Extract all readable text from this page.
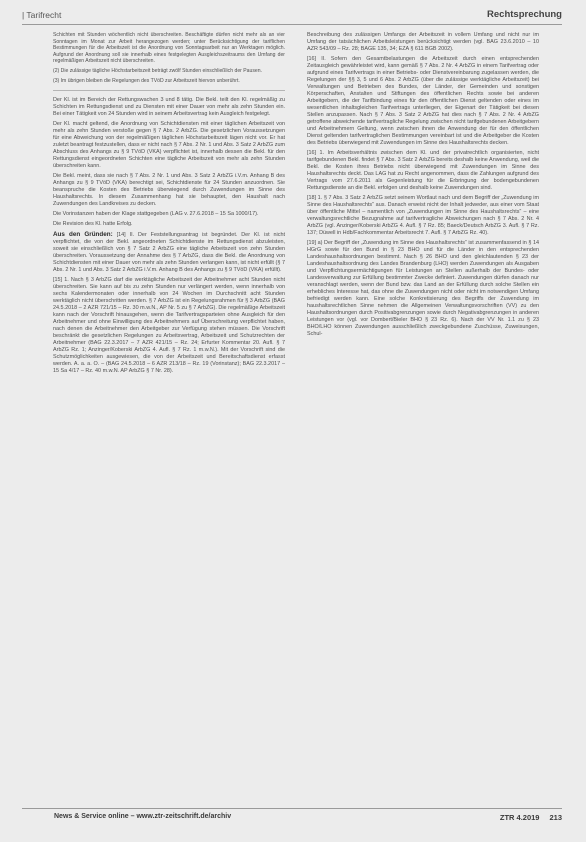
| Tarifrecht	Rechtsprechung

Schichten mit Stunden wöchentlich nicht überschreiten. Beschäftigte dürfen nicht mehr als an vier Sonntagen im Monat zur Arbeit herangezogen werden; unter Berücksichtigung der tariflichen Bestimmungen für die Arbeitszeit ist die Anordnung von Sonntagsarbeit nur an Werktagen möglich. Aufgrund der Anordnung soll sie innerhalb eines festgelegten Ausgleichszeitraums den Umfang der regelmäßigen Arbeitszeit nicht überschreiten.

(2) Die zulässige tägliche Höchstarbeitszeit beträgt zwölf Stunden einschließlich der Pausen.

(3) Im übrigen bleiben die Regelungen des TVöD zur Arbeitszeit hiervon unberührt.

Der Kl. ist im Bereich der Rettungswachen 3 und 8 tätig. Die Bekl. teilt den Kl. regelmäßig zu Schichten im Rettungsdienst und zu Diensten mit einer Dauer von mehr als zehn Stunden ein. Bei einer Tätigkeit von 24 Stunden wird in seinem Arbeitsvertrag kein Ausgleich festgelegt.

Der Kl. macht geltend, die Anordnung von Schichtdiensten mit einer täglichen Arbeitszeit von mehr als zehn Stunden verstoße gegen § 7 Abs. 2 ArbZG. Die gesetzlichen Voraussetzungen für eine Abweichung von der regelmäßigen täglichen Höchstarbeitszeit lägen nicht vor. Er hat zuletzt beantragt festzustellen, dass er nicht nach § 7 Abs. 2 Nr. 1 und Abs. 3 Satz 2 ArbZG zum Abschluss des Anhangs zu § 9 TVöD (VKA) verpflichtet ist, innerhalb dessen die Bekl. für den Rettungsdienst eingeordneten Schichten eine tägliche Arbeitszeit von mehr als zehn Stunden überschreiten kann.

Die Bekl. meint, dass sie nach § 7 Abs. 2 Nr. 1 und Abs. 3 Satz 2 ArbZG i.V.m. Anhang B des Anhangs zu § 9 TVöD (VKA) berechtigt sei, Schichtdienste für 24 Stunden anzuordnen. Sie beanspruche die Kosten des Betriebs überwiegend durch Zuwendungen im Sinne des Haushaltsrechts. In diesem Zusammenhang hat sie behauptet, den Haushalt nach Zuwendungen des Landkreises zu decken.

Die Vorinstanzen haben der Klage stattgegeben (LAG v. 27.6.2018 – 15 Sa 1000/17).

Die Revision des Kl. hatte Erfolg.

Aus den Gründen: [14] II. Der Feststellungsantrag ist begründet. Der Kl. ist nicht verpflichtet, die von der Bekl. angeordneten Schichtdienste im Rettungsdienst abzuleisten, soweit sie einschließlich von § 7 Satz 2 ArbZG eine tägliche Arbeitszeit von zehn Stunden überschreiten. Voraussetzung der Annahme des § 7 ArbZG, dass die Bekl. die Anordnung von Schichtdiensten mit einer Dauer von mehr als zehn Stunden verlangen kann, ist nicht erfüllt (§ 7 Abs. 2 Nr. 1 und Abs. 3 Satz 2 ArbZG i.V.m. Anhang B des Anhangs zu § 9 TVöD (VKA) erfüllt).

[15] 1. Nach § 3 ArbZG darf die werktägliche Arbeitszeit der Arbeitnehmer acht Stunden nicht überschreiten. Sie kann auf bis zu zehn Stunden nur verlängert werden, wenn innerhalb von sechs Kalendermonaten oder innerhalb von 24 Wochen im Durchschnitt acht Stunden werktäglich nicht überschritten werden. § 7 ArbZG ist ein Regelungsrahmen für § 3 ArbZG (BAG 24.5.2018 – 2 AZR 721/15 – Rz. 30 m.w.N., AP Nr. 5 zu § 7 ArbZG). Die regelmäßige Arbeitszeit kann nach der Vorschrift hinausgehen, wenn die Tarifvertragsparteien ohne Ausgleich für den Arbeitnehmer und ohne Einwilligung des Arbeitnehmers auf Überschreitung verpflichtet haben, nach denen die Arbeitnehmer den Arbeitgeber zur Verfügung stehen müssen. Die Vorschrift beschränkt die gesetzlichen Regelungen zu Arbeitsvertrag, Arbeitszeit und Schutzrechten der Arbeitnehmer (BAG 22.3.2017 – 7 AZR 421/15 – Rz. 24; Erfurter Kommentar 20. Aufl. § 7 ArbZG Rz. 1; Anzinger/Koberski ArbZG 4. Aufl. § 7 Rz. 1 m.w.N.). Mit der Vorschrift sind die Schutzmöglichkeiten ausgewiesen, die von der Arbeitszeit und Bereitschaftsdienst erfasst werden. A. a. a. O. – (BAG 24.5.2018 – 6 AZR 213/18 – Rz. 19 (Vorinstanz); BAG 22.3.2017 – 15 Sa 4/17 – Rz. 40 m.w.N. AP ArbZG § 7 Nr. 28).

Beschreibung des zulässigen Umfangs der Arbeitszeit in vollem Umfang und nicht nur im Umfang der tatsächlichen Arbeitsleistungen berücksichtigt werden (vgl. BAG 23.6.2010 – 10 AZR 543/09 – Rz. 28; BAGE 135, 34; EZA § 611 BGB 2002).

[16] II. Sofern den Gesamtbelastungen die Arbeitszeit durch einen entsprechenden Zeitausgleich gewährleistet wird, kann gemäß § 7 Abs. 2 Nr. 4 ArbZG in einem Tarifvertrag oder aufgrund eines Tarifvertrags in einer Betriebs- oder Dienstvereinbarung zugelassen werden, die Regelungen der §§ 3, 5 und 6 Abs. 2 ArbZG (über die zulässige werktägliche Arbeitszeit) bei Verwaltungen und Betrieben des Bundes, der Länder, der Gemeinden und sonstigen Körperschaften, Anstalten und Stiftungen des öffentlichen Rechts sowie bei anderen Arbeitgebern, die der Tarifbindung eines für den öffentlichen Dienst geltenden oder eines im wesentlichen inhaltsgleichen Tarifvertrags unterliegen, der Eigenart der Tätigkeit bei diesen Stellen anzupassen. Nach § 7 Abs. 3 Satz 2 ArbZG hat dies nach § 7 Abs. 2 Nr. 4 ArbZG getroffene abweichende tarifvertragliche Regelung zwischen nicht tarifgebundenen Arbeitgebern und Arbeitnehmern Geltung, wenn zwischen ihnen die Anwendung der für den öffentlichen Dienst geltenden tarifvertraglichen Bestimmungen vereinbart ist und die Arbeitgeber die Kosten des Betriebs überwiegend mit Zuwendungen im Sinne des Haushaltsrechts decken.

[16] 1. Im Arbeitsverhältnis zwischen dem Kl. und der privatrechtlich organisierten, nicht tarifgebundenen Bekl. findet § 7 Abs. 3 Satz 2 ArbZG bereits deshalb keine Anwendung, weil die Bekl. die Kosten ihres Betriebs nicht überwiegend mit Zuwendungen im Sinne des Haushaltsrechts deckt. Das LAG hat zu Recht angenommen, dass die Zahlungen aufgrund des Vertrags vom 27.6.2011 als Gegenleistung für die Erbringung der bodengebundenen Rettungsdienste an die Bekl. erfolgen und deshalb keine Zuwendungen sind.

[18] 1. § 7 Abs. 3 Satz 2 ArbZG setzt seinem Wortlaut nach und dem Begriff der „Zuwendung im Sinne des Haushaltsrechts“ aus. Danach erweist nicht der Inhalt jedweder, aus einer vom Staat über öffentliche Mittel – namentlich von „Zuwendungen im Sinne des Haushaltsrechts“ – eine verwaltungsrechtliche Bezugnahme auf tarifvertragliche Abweichungen nach § 7 Abs. 2 Nr. 4 ArbZG (vgl. Anzinger/Koberski ArbZG 4. Aufl. § 7 Rz. 85; Baeck/Deutsch ArbZG 3. Aufl. § 7 Rz. 137; Düwell in Hdb/Fachkommentar Arbeitsrecht 7. Aufl. § 7 ArbZG Rz. 40).

[19] a) Der Begriff der „Zuwendung im Sinne des Haushaltsrechts“ ist zusammenfassend in § 14 HGrG sowie für den Bund in § 23 BHO und für die Länder in den entsprechenden Landeshaushaltsordnungen bestimmt. Nach § 26 BHO und den gleichlautenden § 23 der Landeshaushaltsordnung des Landes Brandenburg (LHO) werden Zuwendungen als Ausgaben und Verpflichtungsermächtigungen für Leistungen an Stellen außerhalb der Bundes- oder Landesverwaltung zur Erfüllung bestimmter Zwecke definiert. Zuwendungen dürfen danach nur veranschlagt werden, wenn der Bund bzw. das Land an der Erfüllung durch solche Stellen ein erhebliches Interesse hat, das ohne die Zuwendungen nicht oder nicht im notwendigen Umfang befriedigt werden kann. Eine solche Konkretisierung des Begriffs der Zuwendung im haushaltsrechtlichen Sinne nehmen die Allgemeinen Verwaltungsvorschriften (VV) zu den Haushaltsordnungen durch Positivabgrenzungen sowie durch Negativabgrenzungen in anderen Leistungen vor (vgl. vor Dombert/Bieler BHO § 23 Rz. 6). Nach der VV Nr. 1.1 zu § 23 BHO/LHO können Zuwendungen ausschließlich zweckgebundene Zuschüsse, Zuweisungen, Schul-

News & Service online – www.ztr-zeitschrift.de/archiv	ZTR 4.2019 213
